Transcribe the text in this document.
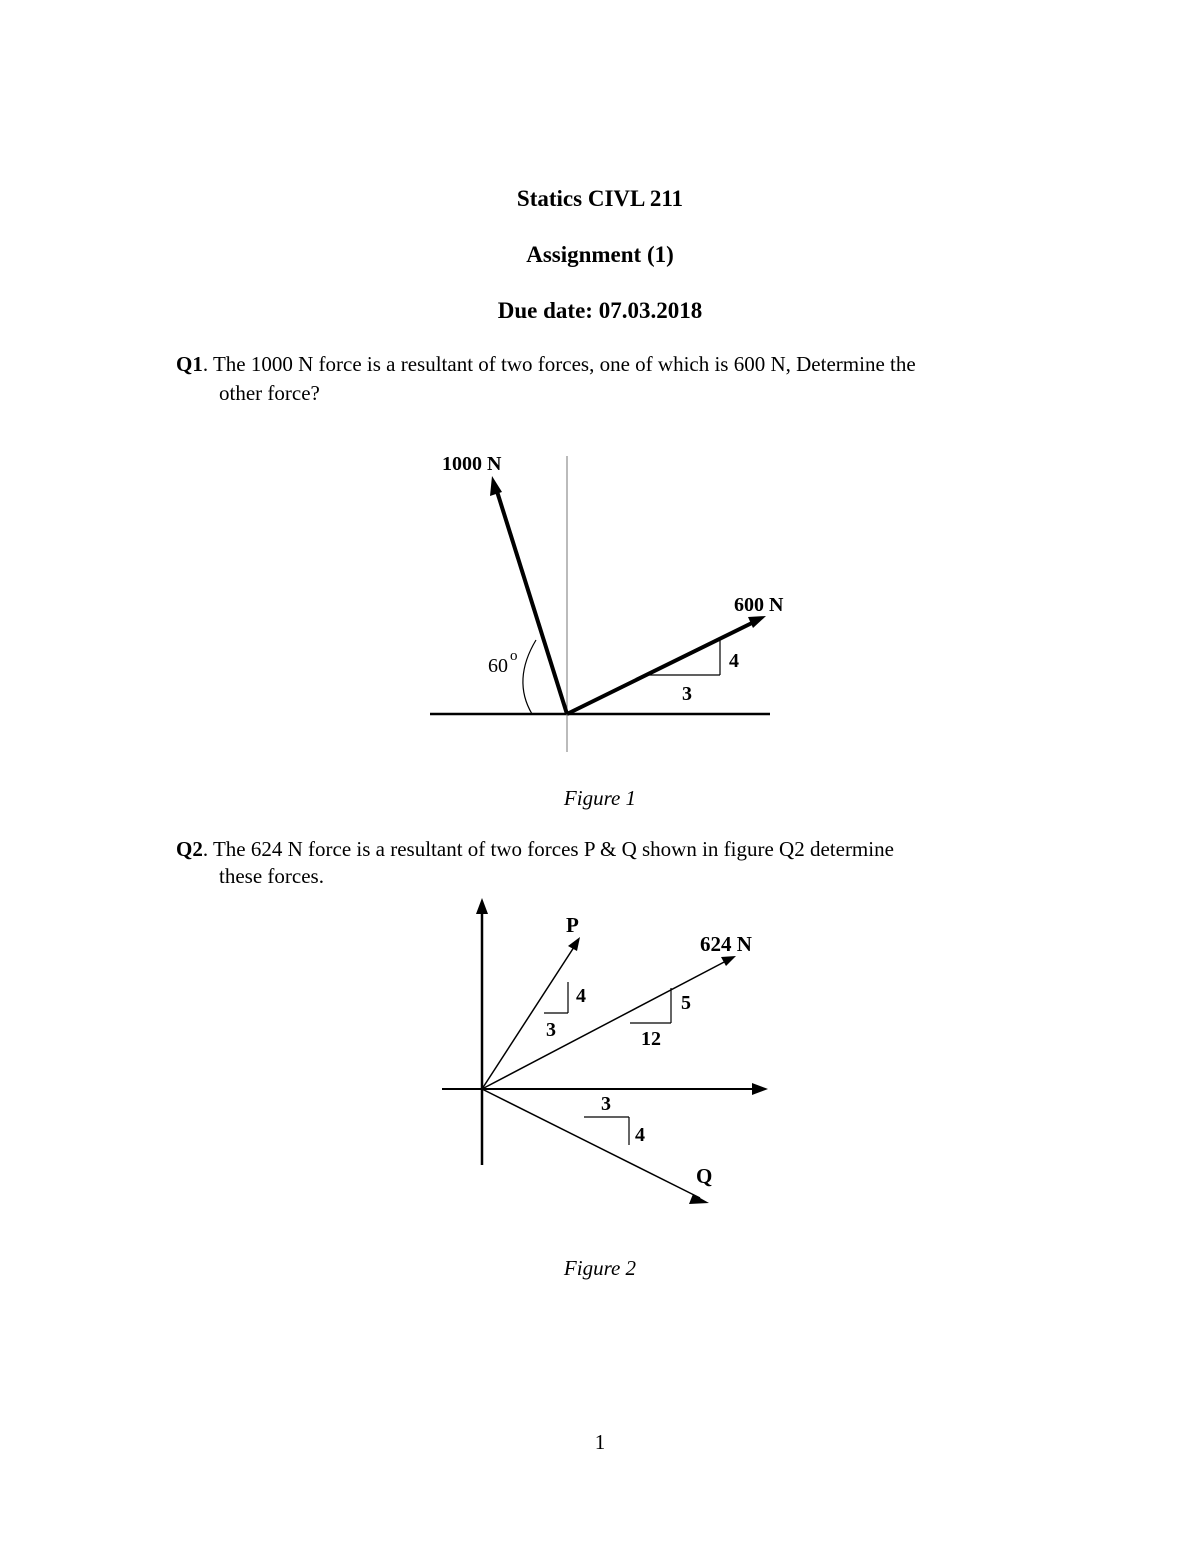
Statics CIVL 211
Assignment (1)
Due date: 07.03.2018
Q1. The 1000 N force is a resultant of two forces, one of which is 600 N, Determine the
other force?
1000 N
600 N
60 o	4
3
Figure 1
Q2. The 624 N force is a resultant of two forces P & Q shown in figure Q2 determine
these forces.
P
624 N
Q
4
3
5
12
3
4
Figure 2
1
